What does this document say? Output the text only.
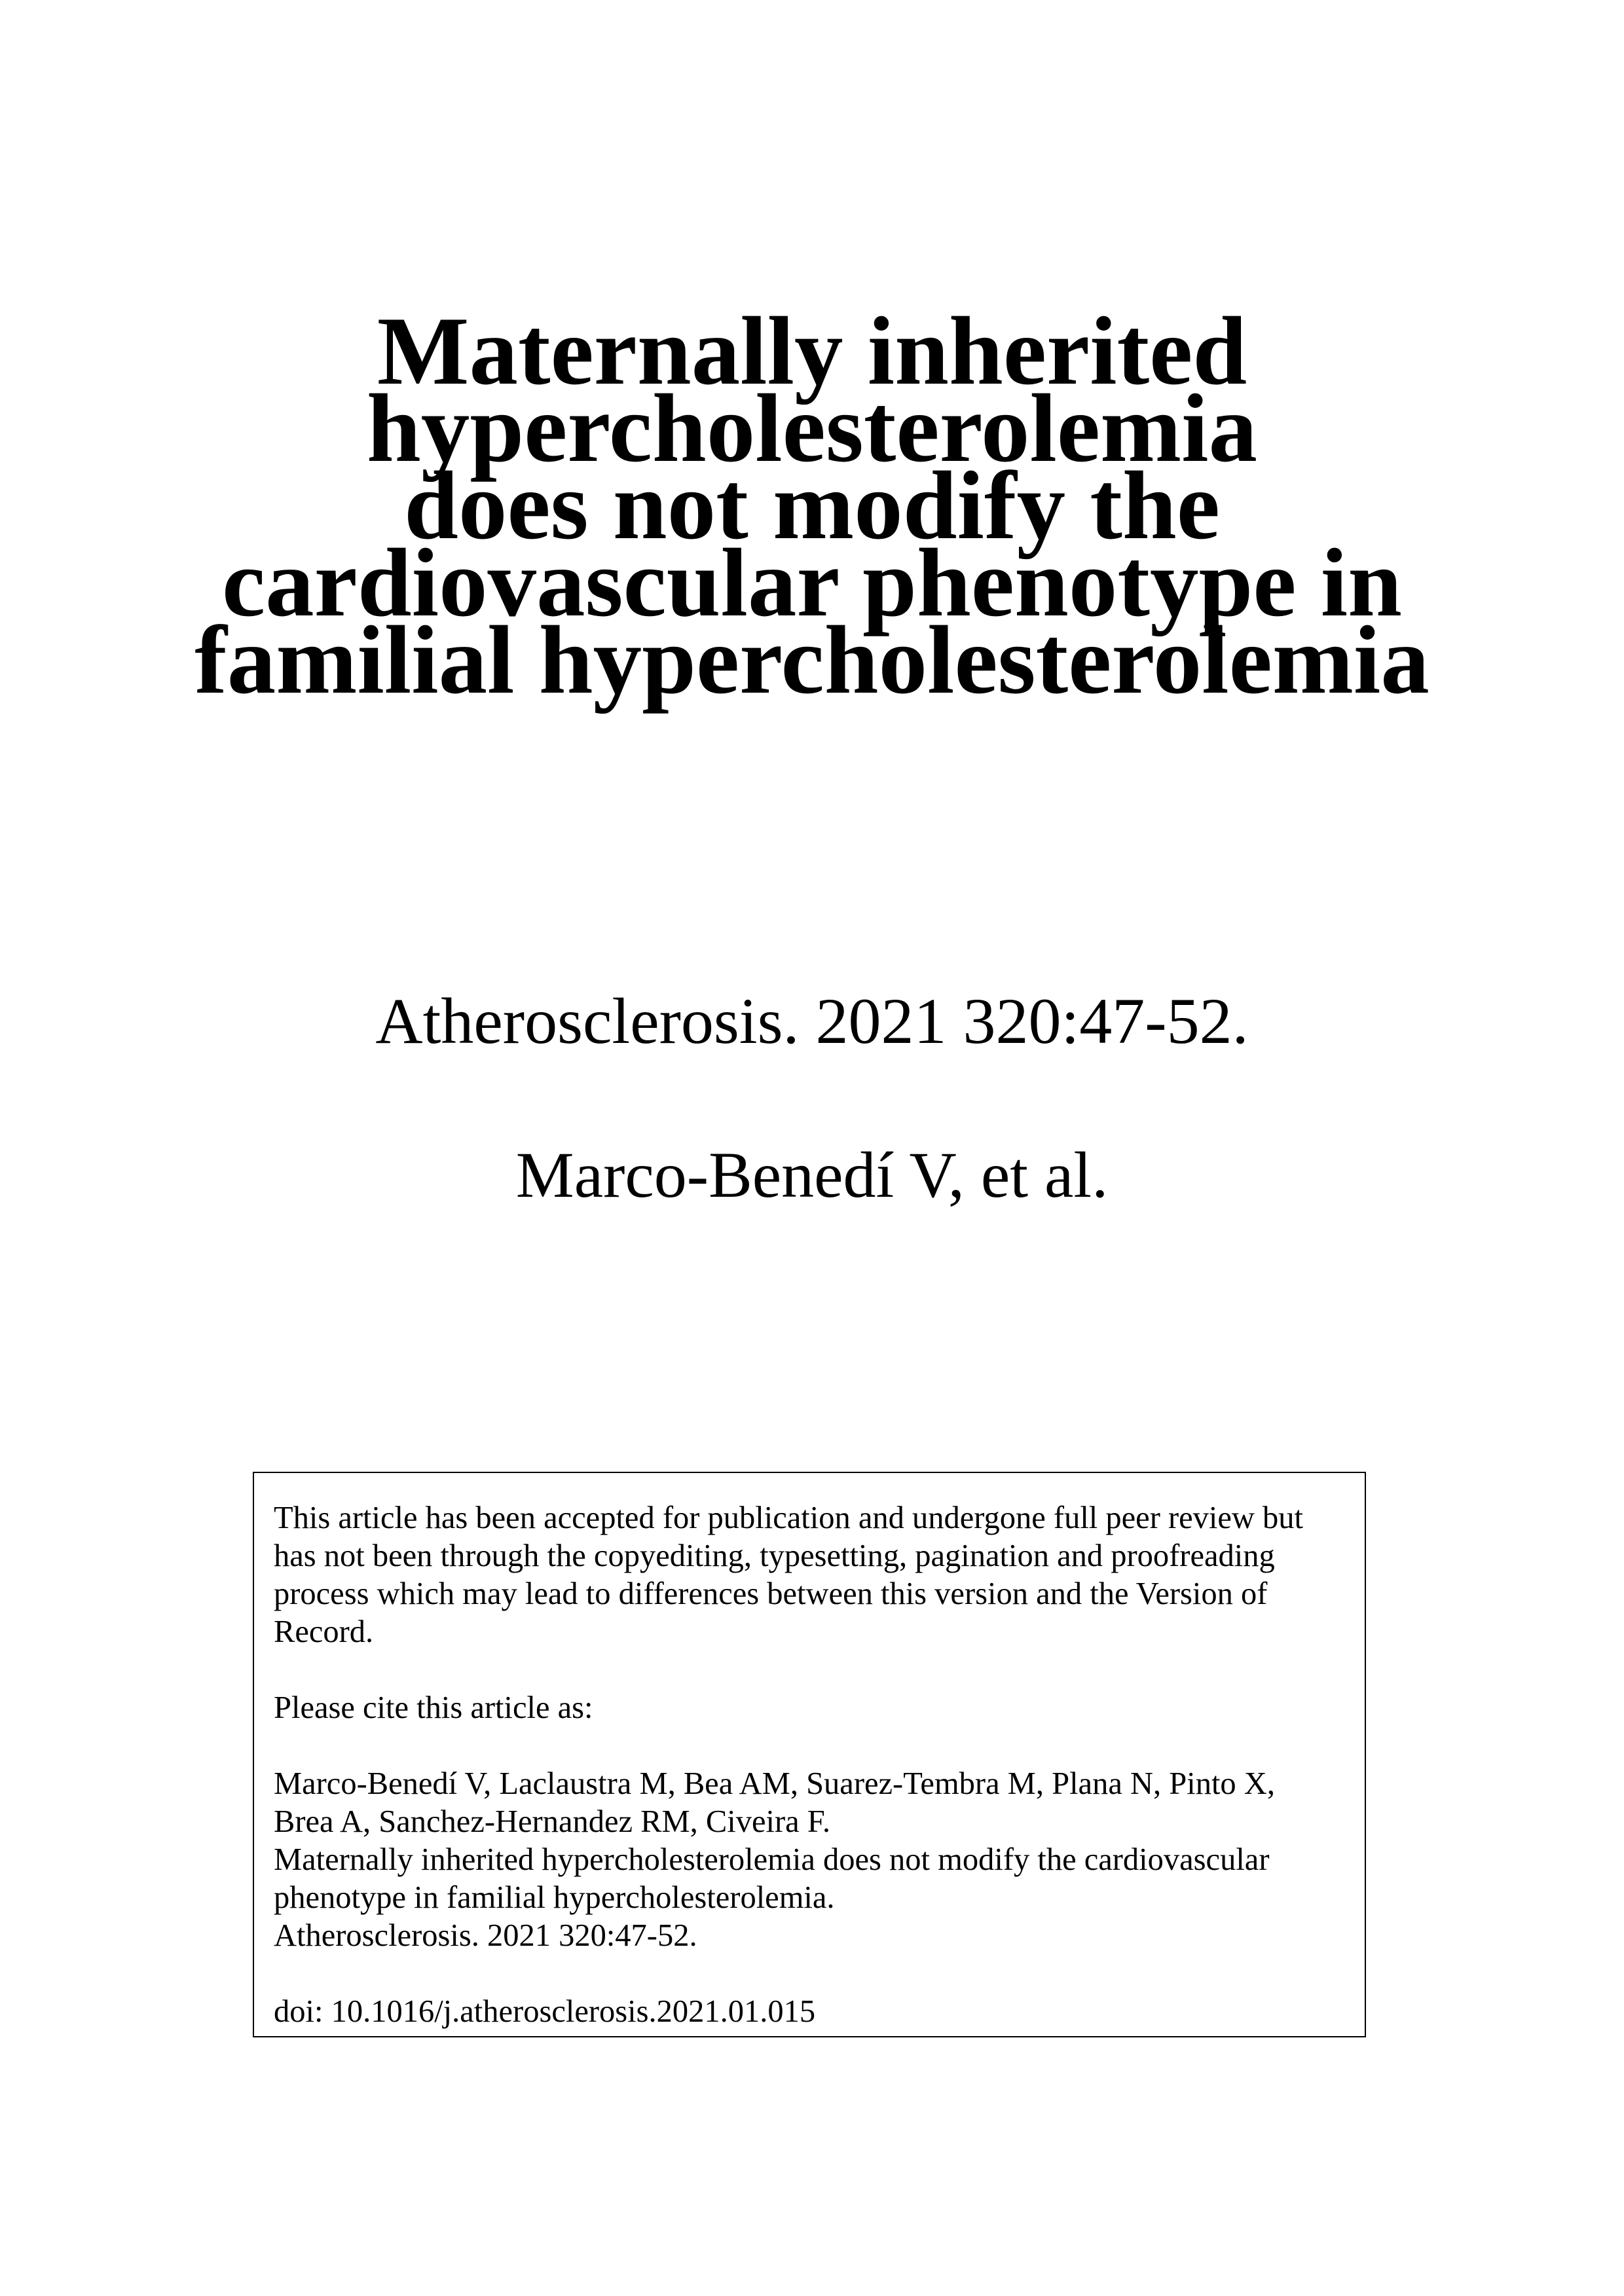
Maternally inherited
hypercholesterolemia
does not modify the
cardiovascular phenotype in
familial hypercholesterolemia
Atherosclerosis. 2021 320:47-52.
Marco-Benedí V, et al.

This article has been accepted for publication and undergone full peer review but has not been through the copyediting, typesetting, pagination and proofreading process which may lead to differences between this version and the Version of Record.

Please cite this article as:

Marco-Benedí V, Laclaustra M, Bea AM, Suarez-Tembra M, Plana N, Pinto X,

Brea A, Sanchez-Hernandez RM, Civeira F.

Maternally inherited hypercholesterolemia does not modify the cardiovascular

phenotype in familial hypercholesterolemia.

Atherosclerosis. 2021 320:47-52.

doi: 10.1016/j.atherosclerosis.2021.01.015
